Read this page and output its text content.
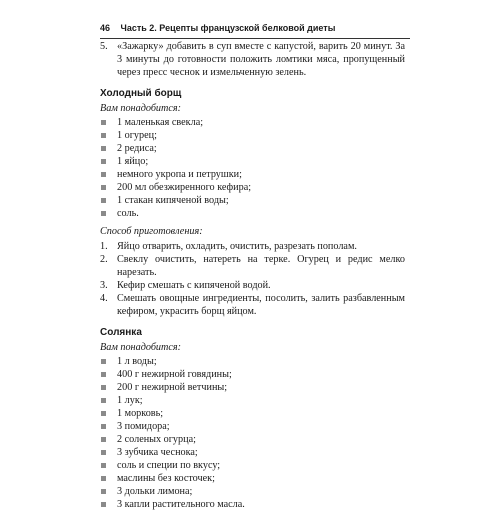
46 Часть 2. Рецепты французской белковой диеты
5. «Зажарку» добавить в суп вместе с капустой, варить 20 минут. За 3 минуты до готовности положить ломтики мяса, пропущенный через пресс чеснок и измельченную зелень.
Холодный борщ
Вам понадобится:
1 маленькая свекла;
1 огурец;
2 редиса;
1 яйцо;
немного укропа и петрушки;
200 мл обезжиренного кефира;
1 стакан кипяченой воды;
соль.
Способ приготовления:
1. Яйцо отварить, охладить, очистить, разрезать пополам.
2. Свеклу очистить, натереть на терке. Огурец и редис мелко нарезать.
3. Кефир смешать с кипяченой водой.
4. Смешать овощные ингредиенты, посолить, залить разбавленным кефиром, украсить борщ яйцом.
Солянка
Вам понадобится:
1 л воды;
400 г нежирной говядины;
200 г нежирной ветчины;
1 лук;
1 морковь;
3 помидора;
2 соленых огурца;
3 зубчика чеснока;
соль и специи по вкусу;
маслины без косточек;
3 дольки лимона;
3 капли растительного масла.
